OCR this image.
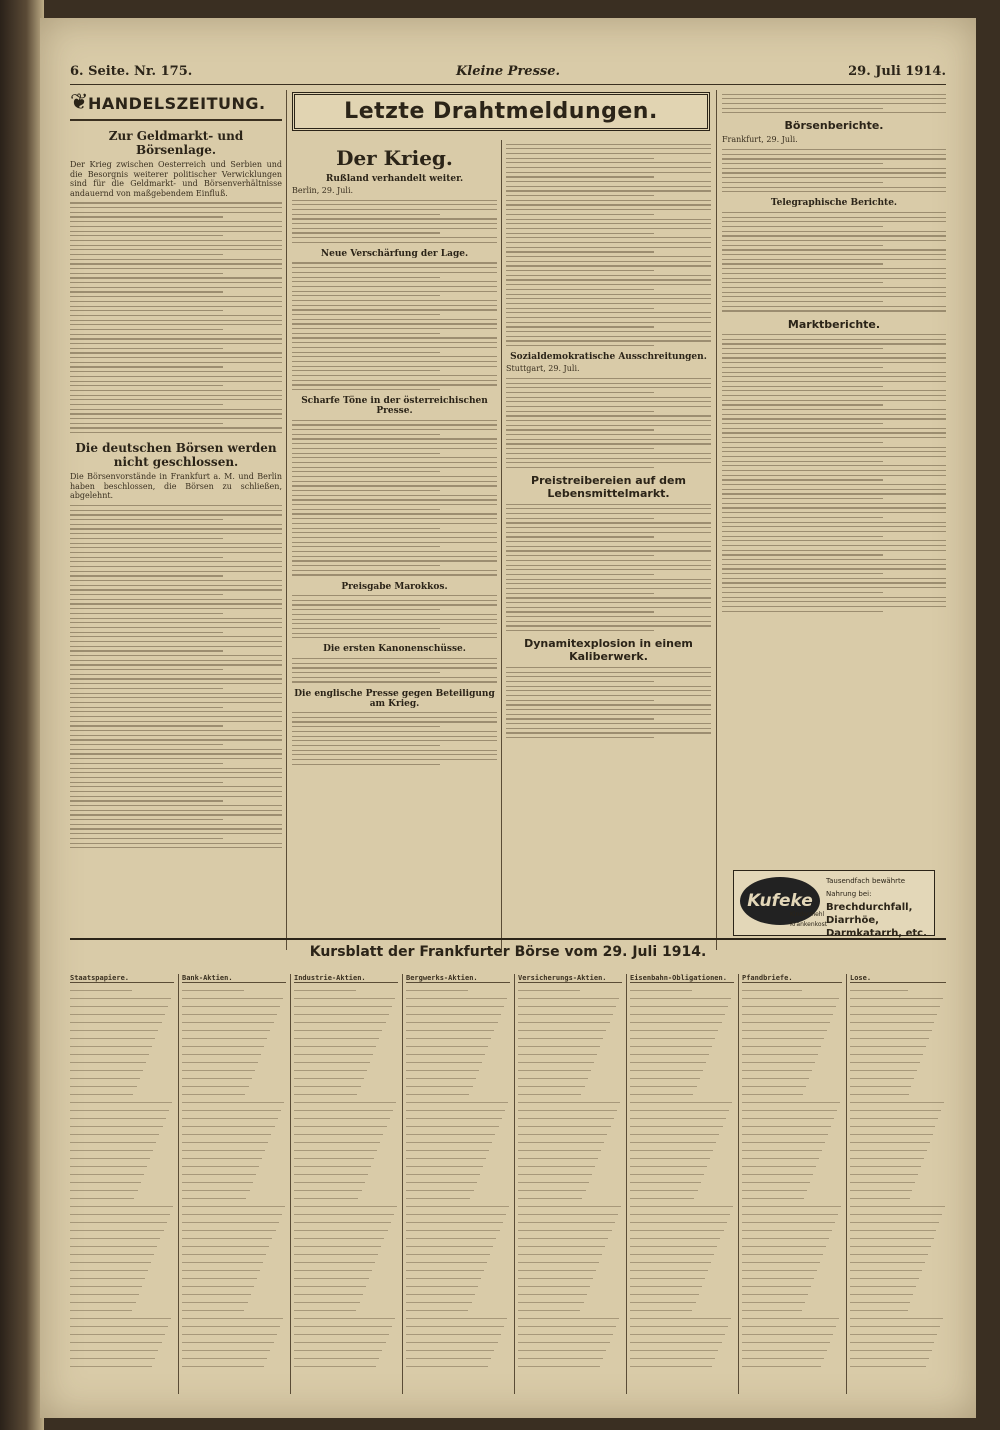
6. Seite. Nr. 175.	Kleine Presse.	29. Juli 1914.
❦ HANDELSZEITUNG.
Zur Geldmarkt- und Börsenlage.

Der Krieg zwischen Oesterreich und Serbien und die Besorgnis weiterer politischer Verwicklungen sind für die Geldmarkt- und Börsenverhältnisse andauernd von maßgebendem Einfluß.

Die deutschen Börsen werden nicht geschlossen.

Die Börsenvorstände in Frankfurt a. M. und Berlin haben beschlossen, die Börsen zu schließen, abgelehnt.

Letzte Drahtmeldungen.
Der Krieg.
Rußland verhandelt weiter.

Berlin, 29. Juli.

Neue Verschärfung der Lage.
Scharfe Töne in der österreichischen Presse.
Preisgabe Marokkos.
Die ersten Kanonenschüsse.
Die englische Presse gegen Beteiligung am Krieg.
Sozialdemokratische Ausschreitungen.

Stuttgart, 29. Juli.

Preistreibereien auf dem Lebensmittelmarkt.
Dynamitexplosion in einem Kaliberwerk.
Börsenberichte.

Frankfurt, 29. Juli.

Telegraphische Berichte.
Marktberichte.
Kufeke
Tausendfach bewährte Nahrung bei:
Brechdurchfall,
Diarrhöe,
Darmkatarrh, etc.
Kindermehl
Krankenkost
Kursblatt der Frankfurter Börse vom 29. Juli 1914.
Staatspapiere.	Bank-Aktien.	Industrie-Aktien.	Bergwerks-Aktien.	Versicherungs-Aktien.	Eisenbahn-Obligationen.	Pfandbriefe.	Lose.
